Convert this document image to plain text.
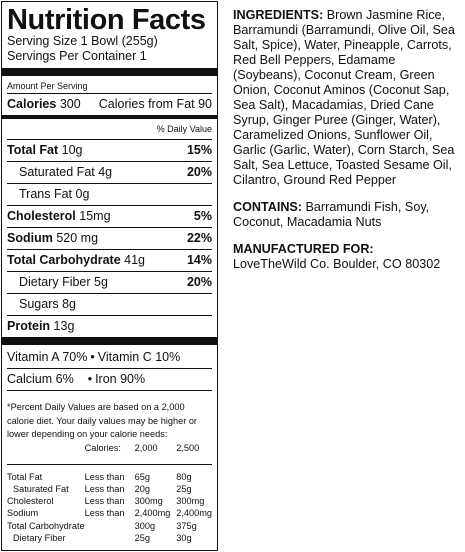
Nutrition Facts
Serving Size 1 Bowl (255g)
Servings Per Container 1
Amount Per Serving
Calories 300 Calories from Fat 90
% Daily Value
Total Fat 10g	15%
Saturated Fat 4g	20%
Trans Fat 0g
Cholesterol 15mg	5%
Sodium 520 mg	22%
Total Carbohydrate 41g	14%
Dietary Fiber 5g	20%
Sugars 8g
Protein 13g
Vitamin A 70% • Vitamin C 10%
Calcium 6% • Iron 90%
*Percent Daily Values are based on a 2,000 calorie diet. Your daily values may be higher or lower depending on your calorie needs:
	Calories:	2,000	2,500

Total Fat	Less than	65g	80g
Saturated Fat	Less than	20g	25g
Cholesterol	Less than	300mg	300mg
Sodium	Less than	2,400mg	2,400mg
Total Carbohydrate		300g	375g
Dietary Fiber		25g	30g
INGREDIENTS: Brown Jasmine Rice, Barramundi (Barramundi, Olive Oil, Sea Salt, Spice), Water, Pineapple, Carrots, Red Bell Peppers, Edamame (Soybeans), Coconut Cream, Green Onion, Coconut Aminos (Coconut Sap, Sea Salt), Macadamias, Dried Cane Syrup, Ginger Puree (Ginger, Water), Caramelized Onions, Sunflower Oil, Garlic (Garlic, Water), Corn Starch, Sea Salt, Sea Lettuce, Toasted Sesame Oil, Cilantro, Ground Red Pepper
CONTAINS: Barramundi Fish, Soy, Coconut, Macadamia Nuts
MANUFACTURED FOR:
LoveTheWild Co. Boulder, CO 80302
